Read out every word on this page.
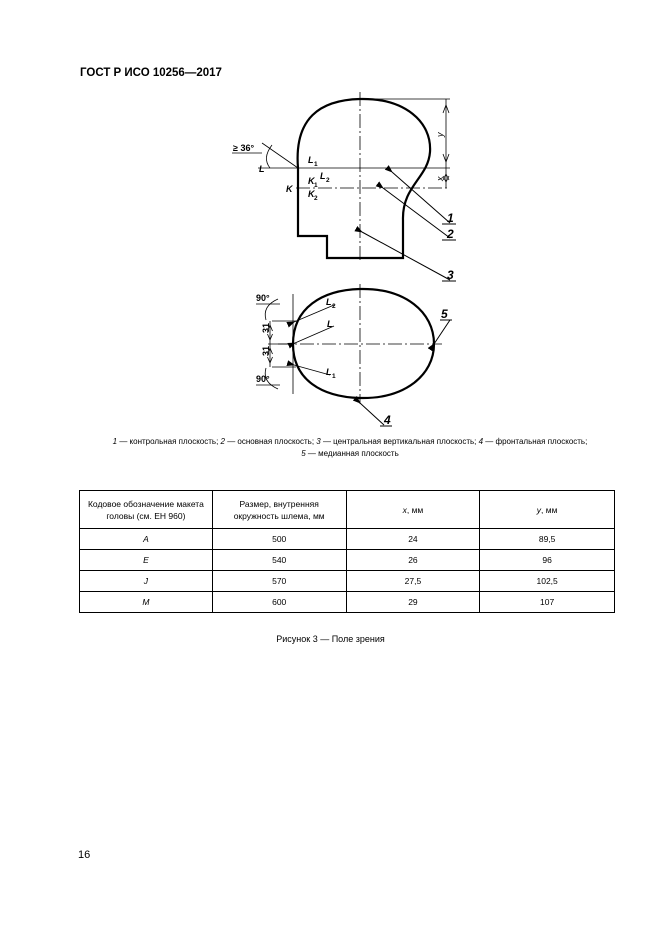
ГОСТ Р ИСО 10256—2017
≥ 36°
L
L 1
L 2
K
K 1
K 2
y
x
1
2
3
90°
90°
31
31
L 2
L
L 1
5
4
1 — контрольная плоскость; 2 — основная плоскость; 3 — центральная вертикальная плоскость; 4 — фронтальная плоскость;
5 — медианная плоскость
Кодовое обозначение макета головы (см. ЕН 960)	Размер, внутренняя окружность шлема, мм	x, мм	y, мм
A	500	24	89,5
E	540	26	96
J	570	27,5	102,5
M	600	29	107
Рисунок 3 — Поле зрения
16
